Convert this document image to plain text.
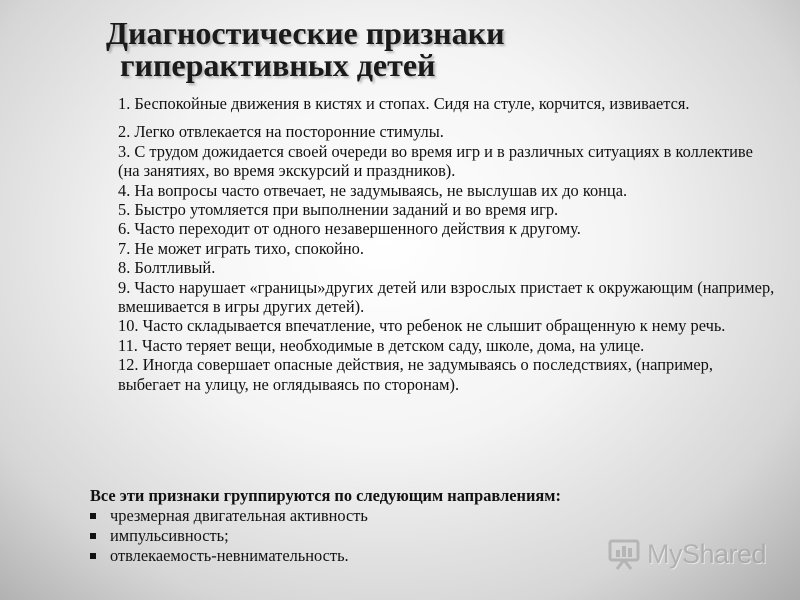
Диагностические признаки
гиперактивных детей
1. Беспокойные движения в кистях и стопах. Сидя на стуле, корчится, извивается.
2. Легко отвлекается на посторонние стимулы.
3. С трудом дожидается своей очереди во время игр и в различных ситуациях в коллективе (на занятиях, во время экскурсий и праздников).
4. На вопросы часто отвечает, не задумываясь, не выслушав их до конца.
5. Быстро утомляется при выполнении заданий и во время игр.
6. Часто переходит от одного незавершенного действия к другому.
7. Не может играть тихо, спокойно.
8. Болтливый.
9. Часто нарушает «границы»других детей или взрослых пристает к окружающим (например, вмешивается в игры других детей).
10. Часто складывается впечатление, что ребенок не слышит обращенную к нему речь.
11. Часто теряет вещи, необходимые в детском саду, школе, дома, на улице.
12. Иногда совершает опасные действия, не задумываясь о последствиях, (например, выбегает на улицу, не оглядываясь по сторонам).
Все эти признаки группируются по следующим направлениям:
чрезмерная двигательная активность
импульсивность;
отвлекаемость-невнимательность.	MyShared
